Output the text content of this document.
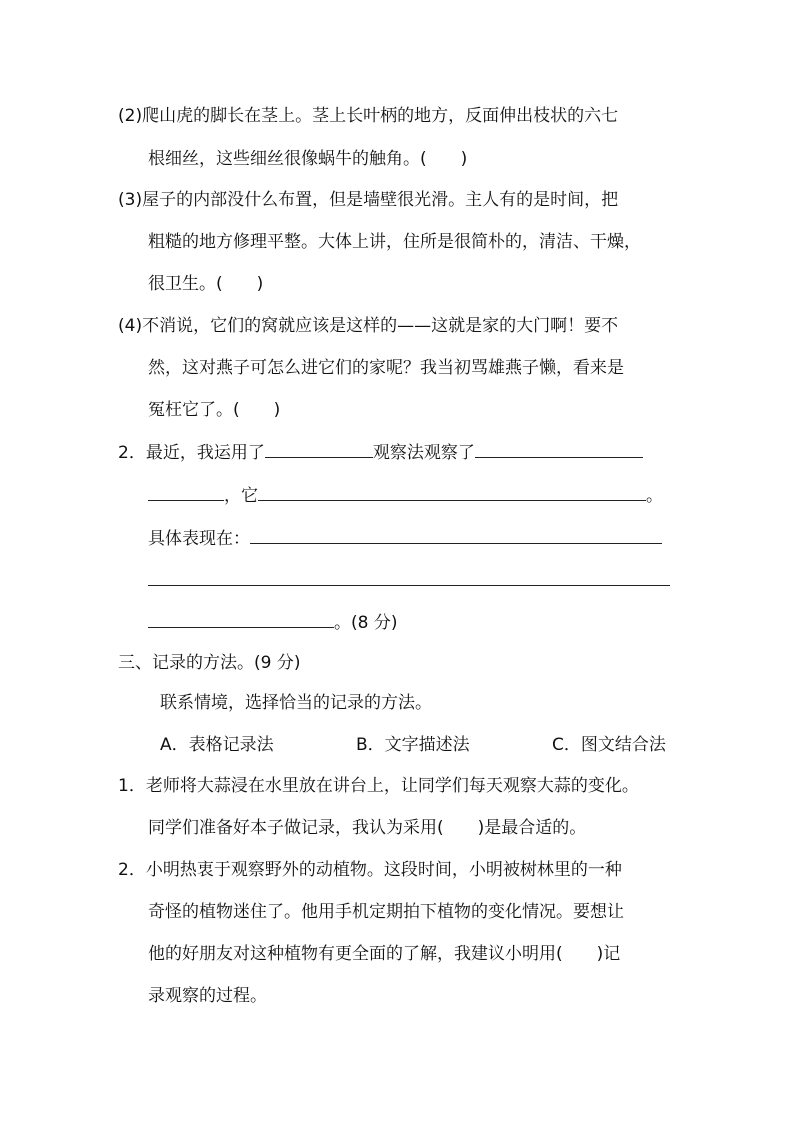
(2)爬山虎的脚长在茎上。茎上长叶柄的地方，反面伸出枝状的六七
根细丝，这些细丝很像蜗牛的触角。(　　)
(3)屋子的内部没什么布置，但是墙壁很光滑。主人有的是时间，把
粗糙的地方修理平整。大体上讲，住所是很简朴的，清洁、干燥，
很卫生。(　　)
(4)不消说，它们的窝就应该是这样的——这就是家的大门啊！要不
然，这对燕子可怎么进它们的家呢？我当初骂雄燕子懒，看来是
冤枉它了。(　　)
2．最近，我运用了	观察法观察了
，它	。
具体表现在：
。(8 分)
三、记录的方法。(9 分)
联系情境，选择恰当的记录的方法。
A．表格记录法	B．文字描述法	C．图文结合法
1．老师将大蒜浸在水里放在讲台上，让同学们每天观察大蒜的变化。
同学们准备好本子做记录，我认为采用(　　)是最合适的。
2．小明热衷于观察野外的动植物。这段时间，小明被树林里的一种
奇怪的植物迷住了。他用手机定期拍下植物的变化情况。要想让
他的好朋友对这种植物有更全面的了解，我建议小明用(　　)记
录观察的过程。
